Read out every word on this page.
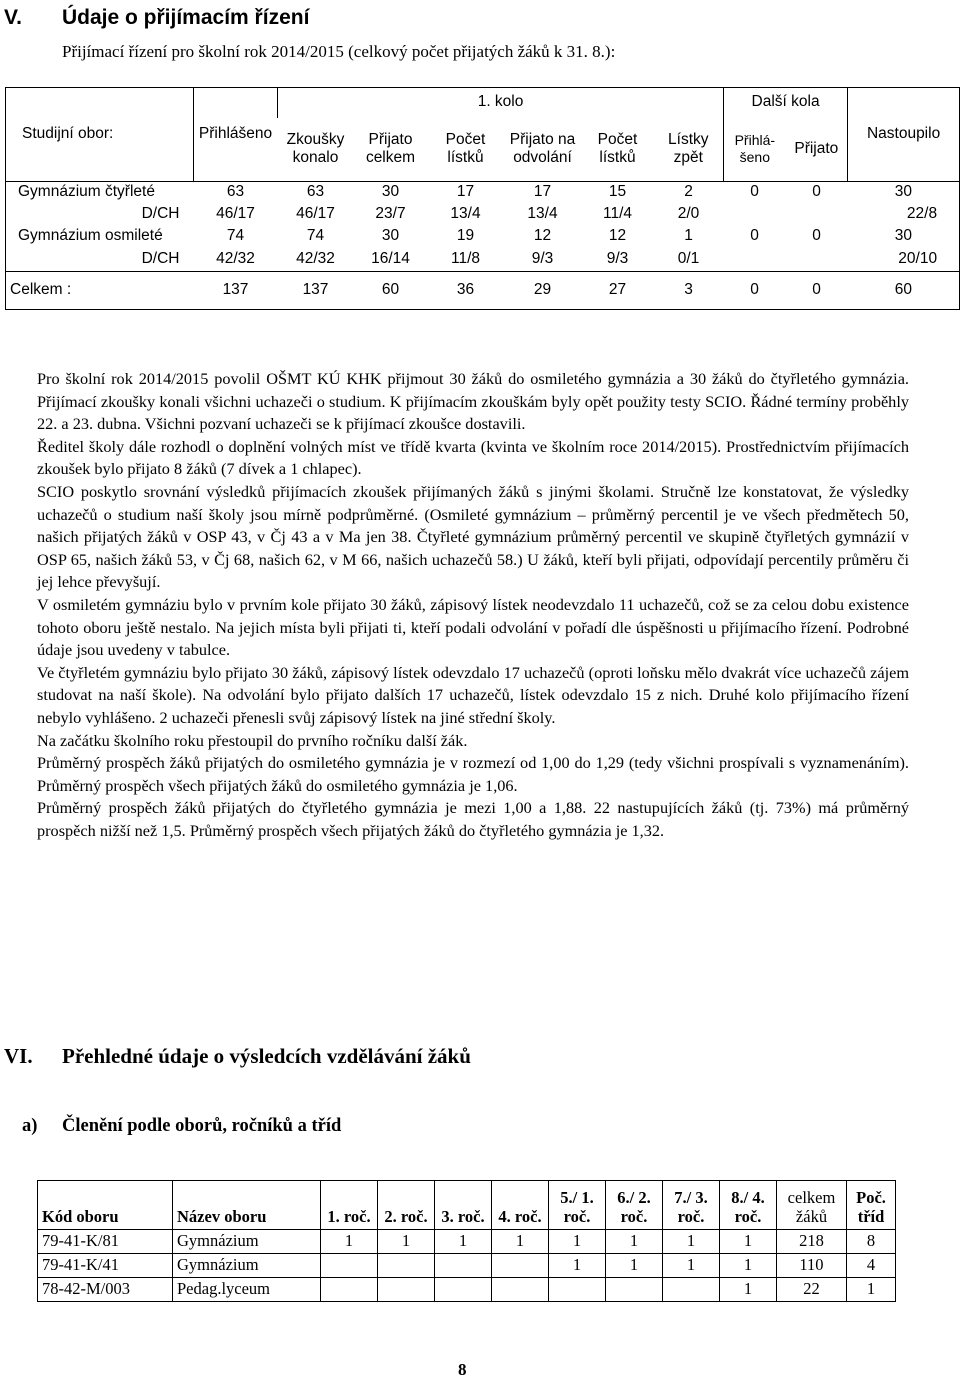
V. Údaje o přijímacím řízení
Přijímací řízení pro školní rok 2014/2015 (celkový počet přijatých žáků k 31. 8.):
Studijní obor:	Přihlášeno	1. kolo						Další kola		Nastoupilo
		Zkoušky konalo	Přijato celkem	Počet lístků	Přijato na odvolání	Počet lístků	Lístky zpět	Přihlá-šeno	Přijato	
Gymnázium čtyřleté	63	63	30	17	17	15	2	0	0	30
D/CH	46/17	46/17	23/7	13/4	13/4	11/4	2/0			22/8
Gymnázium osmileté	74	74	30	19	12	12	1	0	0	30
D/CH	42/32	42/32	16/14	11/8	9/3	9/3	0/1			20/10
Celkem :	137	137	60	36	29	27	3	0	0	60

Pro školní rok 2014/2015 povolil OŠMT KÚ KHK přijmout 30 žáků do osmiletého gymnázia a 30 žáků do čtyřletého gymnázia. Přijímací zkoušky konali všichni uchazeči o studium. K přijímacím zkouškám byly opět použity testy SCIO. Řádné termíny proběhly 22. a 23. dubna. Všichni pozvaní uchazeči se k přijímací zkoušce dostavili.

Ředitel školy dále rozhodl o doplnění volných míst ve třídě kvarta (kvinta ve školním roce 2014/2015). Prostřednictvím přijímacích zkoušek bylo přijato 8 žáků (7 dívek a 1 chlapec).

SCIO poskytlo srovnání výsledků přijímacích zkoušek přijímaných žáků s jinými školami. Stručně lze konstatovat, že výsledky uchazečů o studium naší školy jsou mírně podprůměrné. (Osmileté gymnázium – průměrný percentil je ve všech předmětech 50, našich přijatých žáků v OSP 43, v Čj 43 a v Ma jen 38. Čtyřleté gymnázium průměrný percentil ve skupině čtyřletých gymnázií v OSP 65, našich žáků 53, v Čj 68, našich 62, v M 66, našich uchazečů 58.) U žáků, kteří byli přijati, odpovídají percentily průměru či jej lehce převyšují.

V osmiletém gymnáziu bylo v prvním kole přijato 30 žáků, zápisový lístek neodevzdalo 11 uchazečů, což se za celou dobu existence tohoto oboru ještě nestalo. Na jejich místa byli přijati ti, kteří podali odvolání v pořadí dle úspěšnosti u přijímacího řízení. Podrobné údaje jsou uvedeny v tabulce.

Ve čtyřletém gymnáziu bylo přijato 30 žáků, zápisový lístek odevzdalo 17 uchazečů (oproti loňsku mělo dvakrát více uchazečů zájem studovat na naší škole). Na odvolání bylo přijato dalších 17 uchazečů, lístek odevzdalo 15 z nich. Druhé kolo přijímacího řízení nebylo vyhlášeno. 2 uchazeči přenesli svůj zápisový lístek na jiné střední školy.

Na začátku školního roku přestoupil do prvního ročníku další žák.

Průměrný prospěch žáků přijatých do osmiletého gymnázia je v rozmezí od 1,00 do 1,29 (tedy všichni prospívali s vyznamenáním). Průměrný prospěch všech přijatých žáků do osmiletého gymnázia je 1,06.

Průměrný prospěch žáků přijatých do čtyřletého gymnázia je mezi 1,00 a 1,88. 22 nastupujících žáků (tj. 73%) má průměrný prospěch nižší než 1,5. Průměrný prospěch všech přijatých žáků do čtyřletého gymnázia je 1,32.

VI. Přehledné údaje o výsledcích vzdělávání žáků
a) Členění podle oborů, ročníků a tříd
Kód oboru	Název oboru	1. roč.	2. roč.	3. roč.	4. roč.	5./ 1. roč.	6./ 2. roč.	7./ 3. roč.	8./ 4. roč.	celkem žáků	Poč. tříd
79-41-K/81	Gymnázium	1	1	1	1	1	1	1	1	218	8
79-41-K/41	Gymnázium					1	1	1	1	110	4
78-42-M/003	Pedag.lyceum								1	22	1
8
